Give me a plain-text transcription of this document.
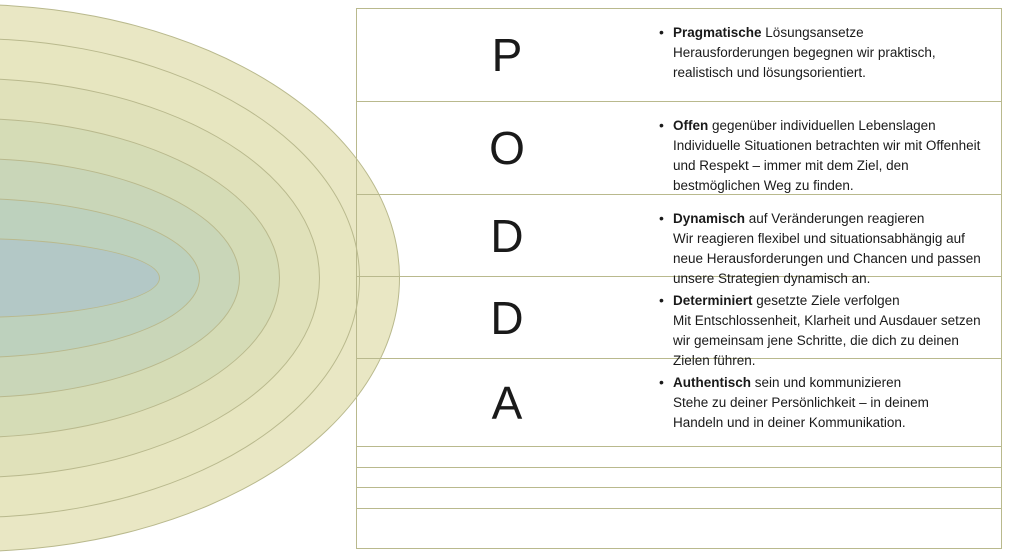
P	• Pragmatische Lösungsansetze
Herausforderungen begegnen wir praktisch, realistisch und lösungsorientiert.
O	• Offen gegenüber individuellen Lebenslagen
Individuelle Situationen betrachten wir mit Offenheit und Respekt – immer mit dem Ziel, den bestmöglichen Weg zu finden.
D	• Dynamisch auf Veränderungen reagieren
Wir reagieren flexibel und situationsabhängig auf neue Herausforderungen und Chancen und passen unsere Strategien dynamisch an.
D	• Determiniert gesetzte Ziele verfolgen
Mit Entschlossenheit, Klarheit und Ausdauer setzen wir gemeinsam jene Schritte, die dich zu deinen Zielen führen.
A	• Authentisch sein und kommunizieren
Stehe zu deiner Persönlichkeit – in deinem Handeln und in deiner Kommunikation.
